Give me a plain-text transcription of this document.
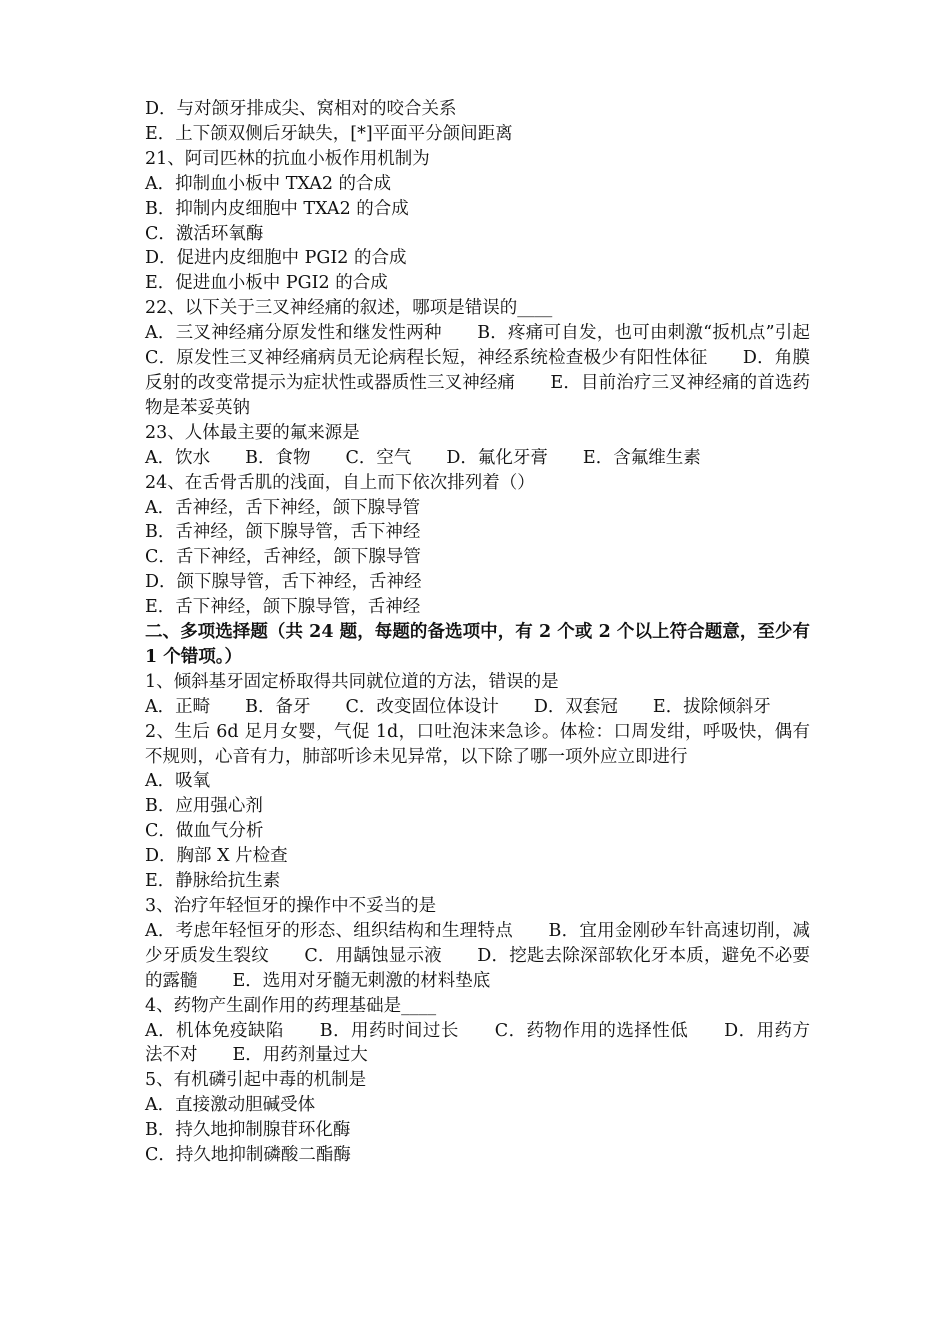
D．与对颌牙排成尖、窝相对的咬合关系

E．上下颌双侧后牙缺失，[*]平面平分颌间距离

21、阿司匹林的抗血小板作用机制为

A．抑制血小板中 TXA2 的合成

B．抑制内皮细胞中 TXA2 的合成

C．激活环氧酶

D．促进内皮细胞中 PGI2 的合成

E．促进血小板中 PGI2 的合成

22、以下关于三叉神经痛的叙述，哪项是错误的____

A．三叉神经痛分原发性和继发性两种　　B．疼痛可自发，也可由刺激“扳机点”引起　　C．原发性三叉神经痛病员无论病程长短，神经系统检查极少有阳性体征　　D．角膜反射的改变常提示为症状性或器质性三叉神经痛　　E．目前治疗三叉神经痛的首选药物是苯妥英钠

23、人体最主要的氟来源是

A．饮水　　B．食物　　C．空气　　D．氟化牙膏　　E．含氟维生素

24、在舌骨舌肌的浅面，自上而下依次排列着（）

A．舌神经，舌下神经，颌下腺导管

B．舌神经，颌下腺导管，舌下神经

C．舌下神经，舌神经，颌下腺导管

D．颌下腺导管，舌下神经，舌神经

E．舌下神经，颌下腺导管，舌神经

二、多项选择题（共 24 题，每题的备选项中，有 2 个或 2 个以上符合题意，至少有 1 个错项。）

1、倾斜基牙固定桥取得共同就位道的方法，错误的是

A．正畸　　B．备牙　　C．改变固位体设计　　D．双套冠　　E．拔除倾斜牙

2、生后 6d 足月女婴，气促 1d，口吐泡沫来急诊。体检：口周发绀，呼吸快，偶有不规则，心音有力，肺部听诊未见异常，以下除了哪一项外应立即进行

A．吸氧

B．应用强心剂

C．做血气分析

D．胸部 X 片检查

E．静脉给抗生素

3、治疗年轻恒牙的操作中不妥当的是

A．考虑年轻恒牙的形态、组织结构和生理特点　　B．宜用金刚砂车针高速切削，减少牙质发生裂纹　　C．用龋蚀显示液　　D．挖匙去除深部软化牙本质，避免不必要的露髓　　E．选用对牙髓无刺激的材料垫底

4、药物产生副作用的药理基础是____

A．机体免疫缺陷　　B．用药时间过长　　C．药物作用的选择性低　　D．用药方法不对　　E．用药剂量过大

5、有机磷引起中毒的机制是

A．直接激动胆碱受体

B．持久地抑制腺苷环化酶

C．持久地抑制磷酸二酯酶
